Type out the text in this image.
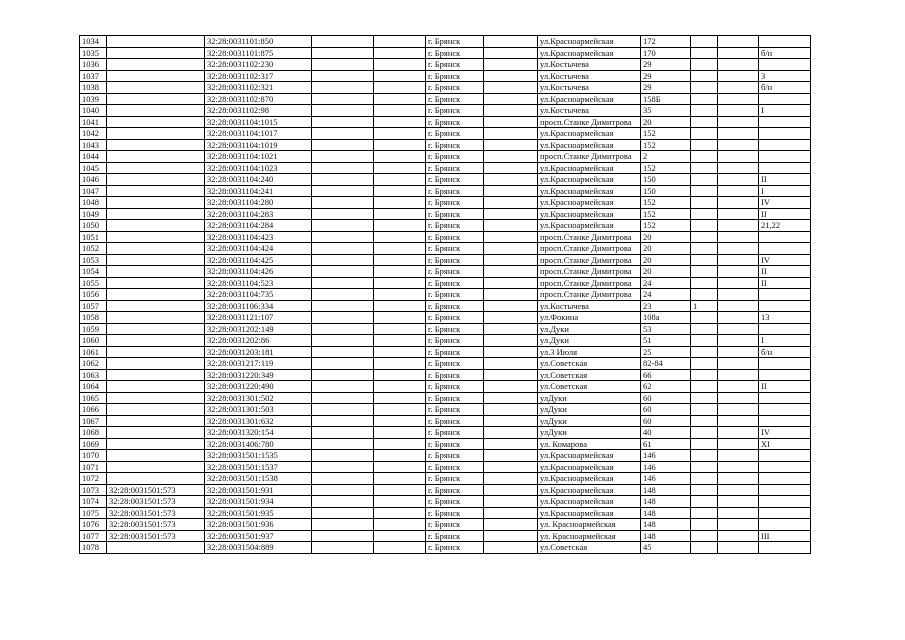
1034		32:28:0031101:850			г. Брянск		ул.Красноармейская	172			
1035		32:28:0031101:875			г. Брянск		ул.Красноармейская	170			б/н
1036		32:28:0031102:230			г. Брянск		ул.Костычева	29			
1037		32:28:0031102:317			г. Брянск		ул.Костычева	29			3
1038		32:28:0031102:321			г. Брянск		ул.Костычева	29			б/н
1039		32:28:0031102:870			г. Брянск		ул.Красноармейская	158Б			
1040		32:28:0031102:98			г. Брянск		ул.Костычева	35			I
1041		32:28:0031104:1015			г. Брянск		просп.Станке Димитрова	20			
1042		32:28:0031104:1017			г. Брянск		ул.Красноармейская	152			
1043		32:28:0031104:1019			г. Брянск		ул.Красноармейская	152			
1044		32:28:0031104:1021			г. Брянск		просп.Станке Димитрова	2			
1045		32:28:0031104:1023			г. Брянск		ул.Красноармейская	152			
1046		32:28:0031104:240			г. Брянск		ул.Красноармейская	150			II
1047		32:28:0031104:241			г. Брянск		ул.Красноармейская	150			I
1048		32:28:0031104:280			г. Брянск		ул.Красноармейская	152			IV
1049		32:28:0031104:283			г. Брянск		ул.Красноармейская	152			II
1050		32:28:0031104:284			г. Брянск		ул.Красноармейская	152			21,22
1051		32:28:0031104:423			г. Брянск		просп.Станке Димитрова	20			
1052		32:28:0031104:424			г. Брянск		просп.Станке Димитрова	20			
1053		32:28:0031104:425			г. Брянск		просп.Станке Димитрова	20			IV
1054		32:28:0031104:426			г. Брянск		просп.Станке Димитрова	20			II
1055		32:28:0031104:523			г. Брянск		просп.Станке Димитрова	24			II
1056		32:28:0031104:735			г. Брянск		просп.Станке Димитрова	24			
1057		32:28:0031106:334			г. Брянск		ул.Костычева	23	1		
1058		32:28:0031121:107			г. Брянск		ул.Фокина	108а			13
1059		32:28:0031202:149			г. Брянск		ул.Дуки	53			
1060		32:28:0031202:86			г. Брянск		ул.Дуки	51			I
1061		32:28:0031203:181			г. Брянск		ул.3 Июля	25			б/н
1062		32:28:0031217:119			г. Брянск		ул.Советская	82-84			
1063		32:28:0031220:349			г. Брянск		ул.Советская	66			
1064		32:28:0031220:490			г. Брянск		ул.Советская	62			II
1065		32:28:0031301:502			г. Брянск		улДуки	60			
1066		32:28:0031301:503			г. Брянск		улДуки	60			
1067		32:28:0031301:632			г. Брянск		улДуки	60			
1068		32:28:0031320:154			г. Брянск		улДуки	40			IV
1069		32:28:0031406:780			г. Брянск		ул. Комарова	61			XI
1070		32:28:0031501:1535			г. Брянск		ул.Красноармейская	146			
1071		32:28:0031501:1537			г. Брянск		ул.Красноармейская	146			
1072		32:28:0031501:1538			г. Брянск		ул.Красноармейская	146			
1073	32:28:0031501:573	32:28:0031501:931			г. Брянск		ул.Красноармейская	148			
1074	32:28:0031501:573	32:28:0031501:934			г. Брянск		ул.Красноармейская	148			
1075	32:28:0031501:573	32:28:0031501:935			г. Брянск		ул.Красноармейская	148			
1076	32:28:0031501:573	32:28:0031501:936			г. Брянск		ул. Красноармейская	148			
1077	32:28:0031501:573	32:28:0031501:937			г. Брянск		ул. Красноармейская	148			III
1078		32:28:0031504:889			г. Брянск		ул.Советская	45			
